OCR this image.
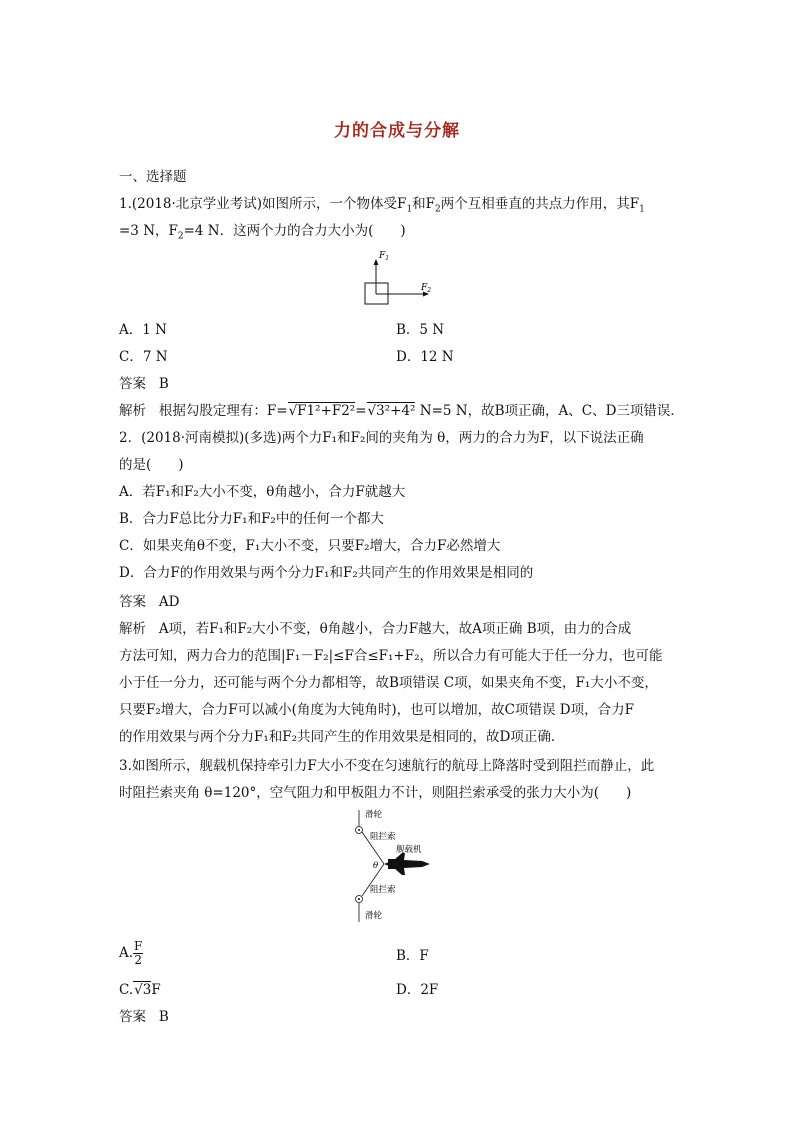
力的合成与分解
一、选择题
1.(2018·北京学业考试)如图所示，一个物体受$F_1$和$F_2$两个互相垂直的共点力作用，其$F_1$
=3 N，$F_2=4$ N．这两个力的合力大小为(　　)
$F_1$
$F_2$
A．1 N	B．5 N
C．7 N	D．12 N
答案 B
解析 根据勾股定理有：F=√F1²+F2²=√3²+4² N=5 N，故B项正确，A、C、D三项错误．
2．(2018·河南模拟)(多选)两个力F₁和F₂间的夹角为 θ，两力的合力为F，以下说法正确
的是(　　)
A．若F₁和F₂大小不变，θ角越小，合力F就越大
B．合力F总比分力F₁和F₂中的任何一个都大
C．如果夹角θ不变，F₁大小不变，只要F₂增大，合力F必然增大
D．合力F的作用效果与两个分力F₁和F₂共同产生的作用效果是相同的
答案 AD
解析 A项，若F₁和F₂大小不变，θ角越小，合力F越大，故A项正确 B项，由力的合成
方法可知，两力合力的范围|F₁－F₂|≤F合≤F₁+F₂，所以合力有可能大于任一分力，也可能
小于任一分力，还可能与两个分力都相等，故B项错误 C项，如果夹角不变，F₁大小不变，
只要F₂增大，合力F可以减小(角度为大钝角时)，也可以增加，故C项错误 D项，合力F
的作用效果与两个分力F₁和F₂共同产生的作用效果是相同的，故D项正确．
3.如图所示，舰载机保持牵引力F大小不变在匀速航行的航母上降落时受到阻拦而静止，此
时阻拦索夹角 θ=120°，空气阻力和甲板阻力不计，则阻拦索承受的张力大小为(　　)
滑轮
阻拦索
舰载机
θ
阻拦索
滑轮
A. $\frac{F}{2}$	B．F
C.√3F	D．2F
答案 B
